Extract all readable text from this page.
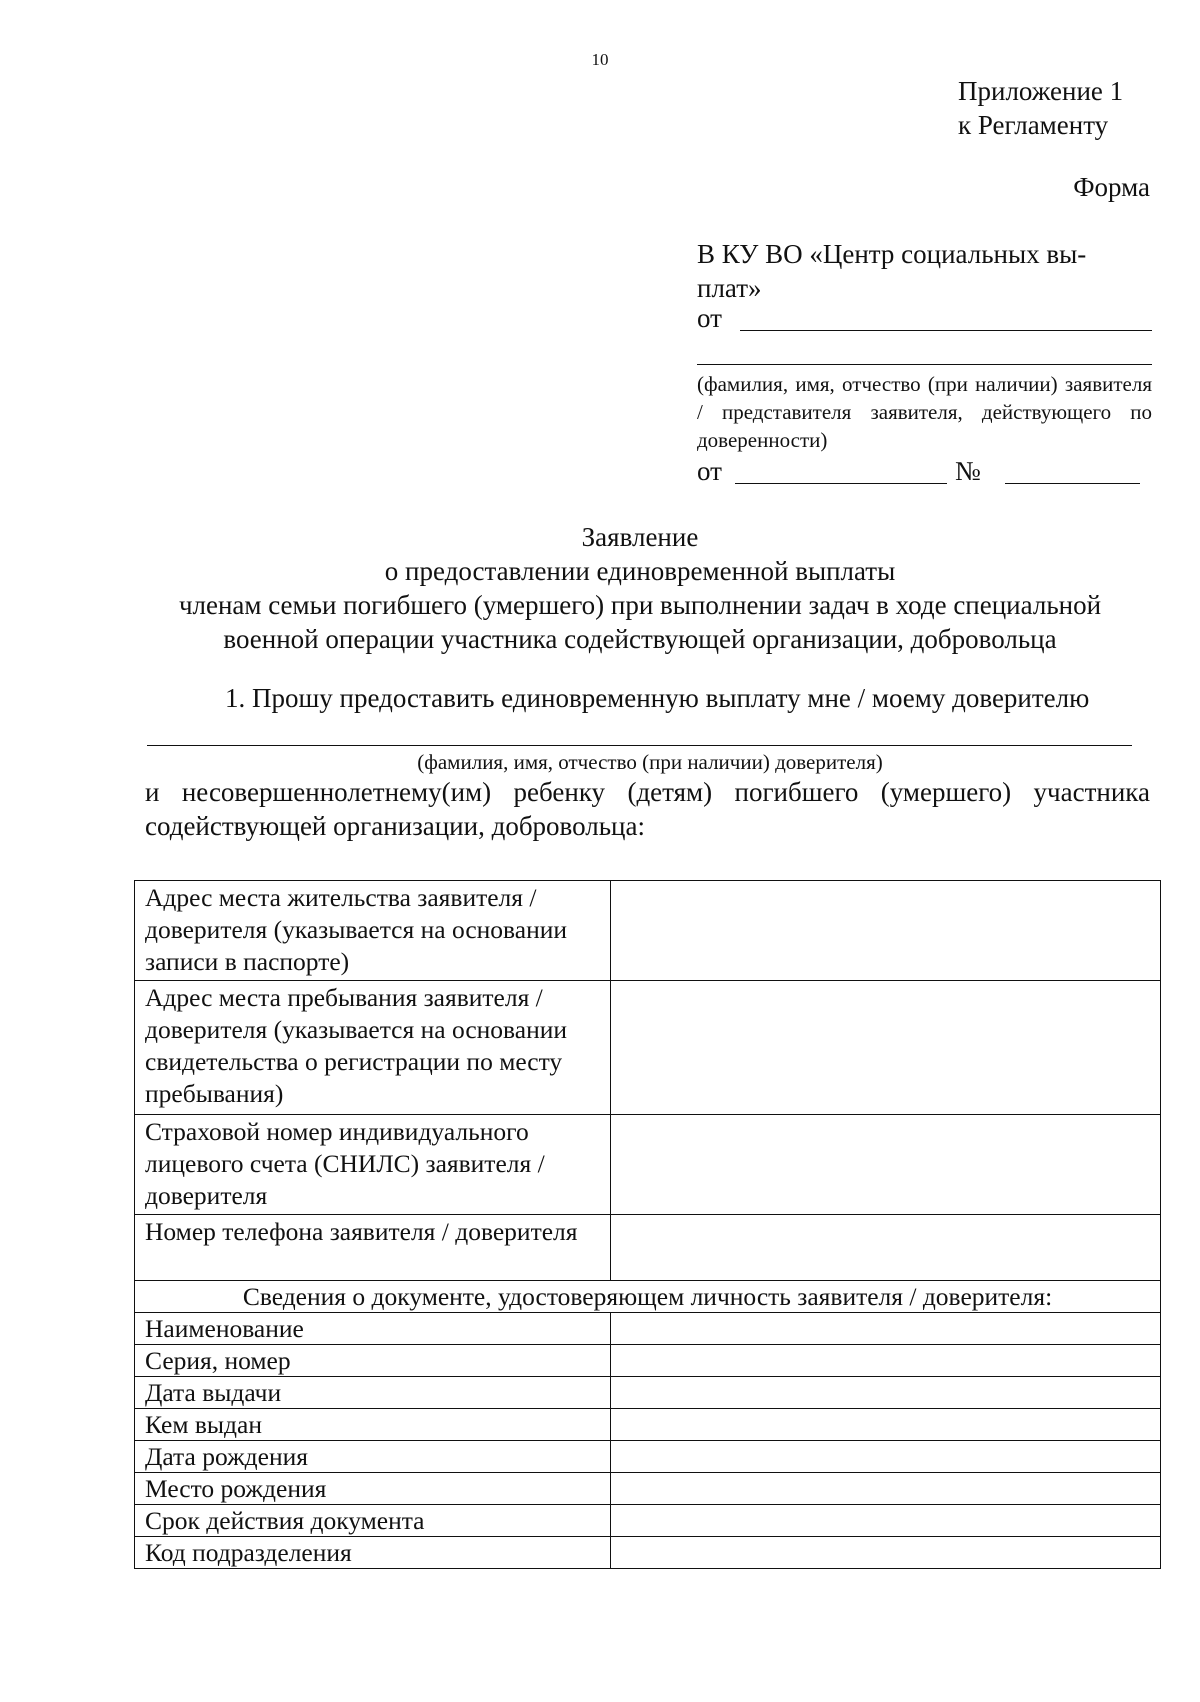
10
Приложение 1
к Регламенту
Форма
В КУ ВО «Центр социальных вы-
плат»
от
(фамилия, имя, отчество (при наличии) заявителя / представителя заявителя, действующего по доверенности)
от	№
Заявление
о предоставлении единовременной выплаты
членам семьи погибшего (умершего) при выполнении задач в ходе специальной
военной операции участника содействующей организации, добровольца
1. Прошу предоставить единовременную выплату мне / моему доверителю
(фамилия, имя, отчество (при наличии) доверителя)
и несовершеннолетнему(им) ребенку (детям) погибшего (умершего) участника содействующей организации, добровольца:
Адрес места жительства заявителя / доверителя (указывается на основании записи в паспорте)	
Адрес места пребывания заявителя / доверителя (указывается на основании свидетельства о регистрации по месту пребывания)	
Страховой номер индивидуального лицевого счета (СНИЛС) заявителя / доверителя	
Номер телефона заявителя / доверителя	
Сведения о документе, удостоверяющем личность заявителя / доверителя:	
Наименование	
Серия, номер	
Дата выдачи	
Кем выдан	
Дата рождения	
Место рождения	
Срок действия документа	
Код подразделения	
